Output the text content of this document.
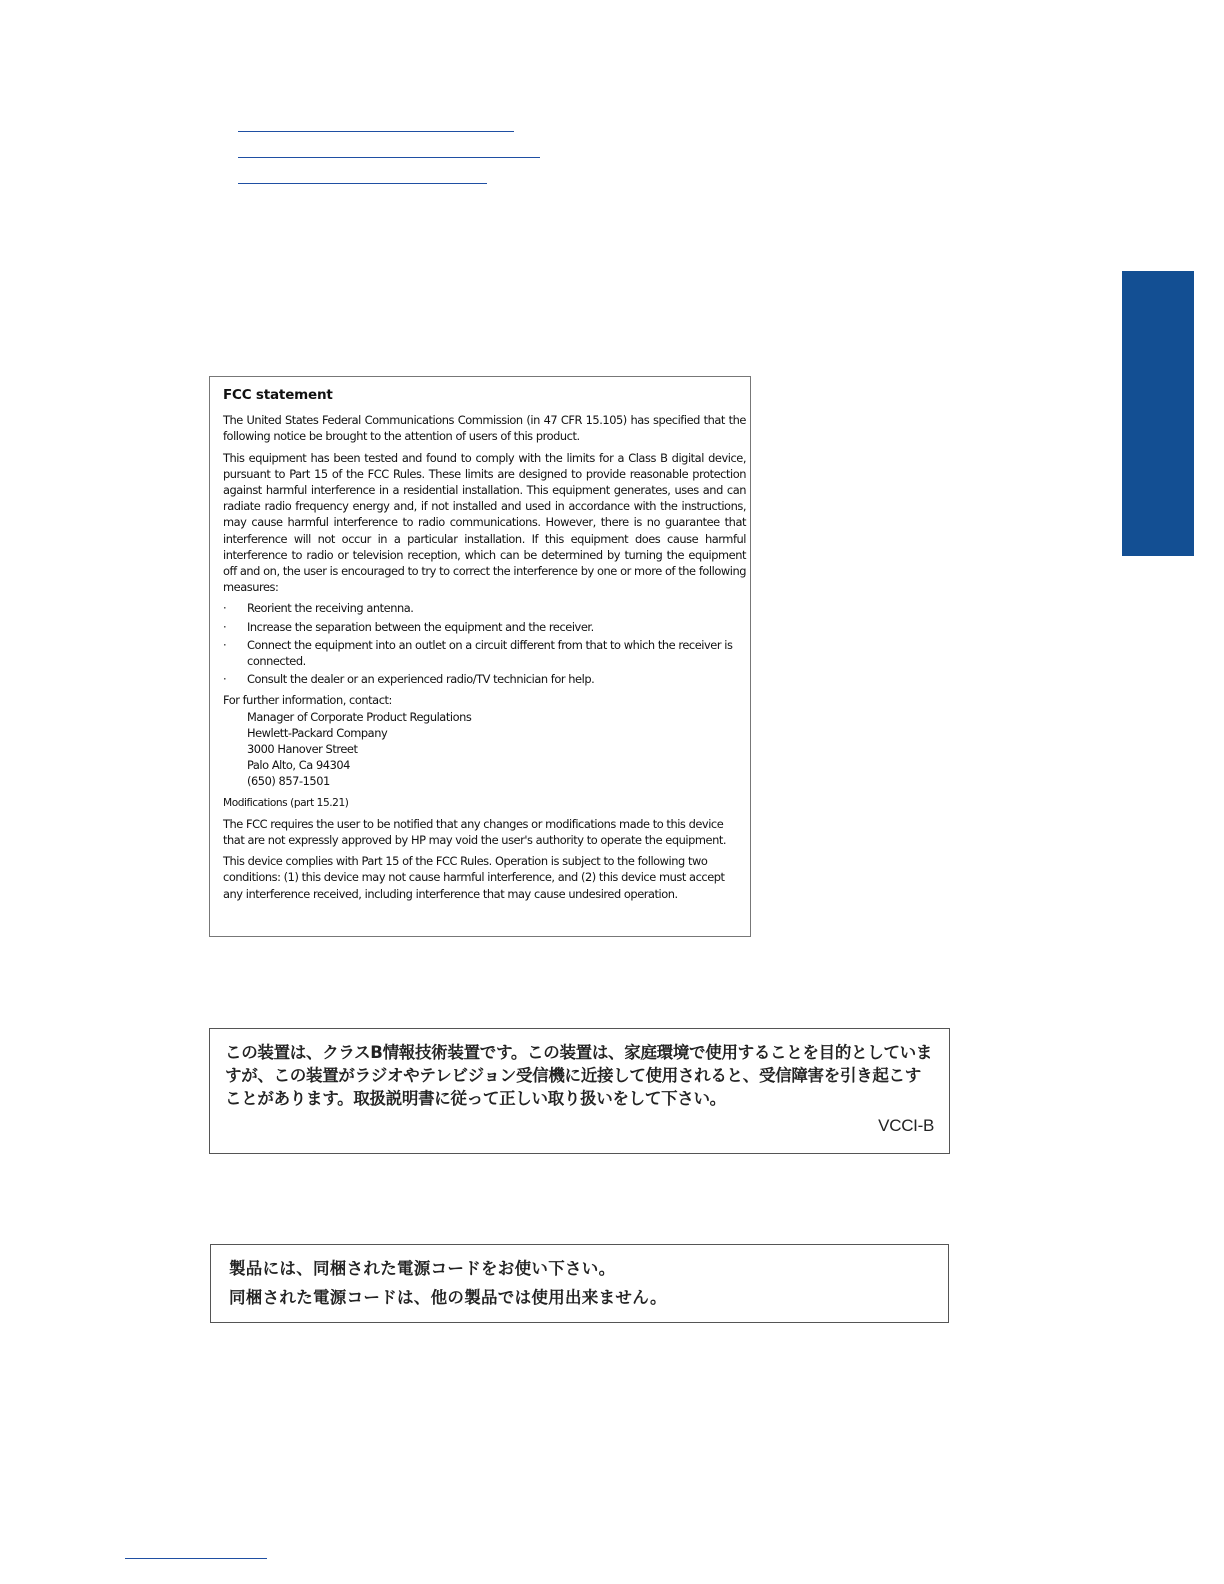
FCC statement

The United States Federal Communications Commission (in 47 CFR 15.105) has specified that the following notice be brought to the attention of users of this product.

This equipment has been tested and found to comply with the limits for a Class B digital device, pursuant to Part 15 of the FCC Rules. These limits are designed to provide reasonable protection against harmful interference in a residential installation. This equipment generates, uses and can radiate radio frequency energy and, if not installed and used in accordance with the instructions, may cause harmful interference to radio communications. However, there is no guarantee that interference will not occur in a particular installation. If this equipment does cause harmful interference to radio or television reception, which can be determined by turning the equipment off and on, the user is encouraged to try to correct the interference by one or more of the following measures:

· Reorient the receiving antenna.
· Increase the separation between the equipment and the receiver.
· Connect the equipment into an outlet on a circuit different from that to which the receiver is connected.
· Consult the dealer or an experienced radio/TV technician for help.

For further information, contact:

Manager of Corporate Product Regulations

Hewlett-Packard Company

3000 Hanover Street

Palo Alto, Ca 94304

(650) 857-1501

Modifications (part 15.21)

The FCC requires the user to be notified that any changes or modifications made to this device that are not expressly approved by HP may void the user's authority to operate the equipment.

This device complies with Part 15 of the FCC Rules. Operation is subject to the following two conditions: (1) this device may not cause harmful interference, and (2) this device must accept any interference received, including interference that may cause undesired operation.

この装置は、クラスB情報技術装置です。この装置は、家庭環境で使用することを目的としていますが、この装置がラジオやテレビジョン受信機に近接して使用されると、受信障害を引き起こすことがあります。取扱説明書に従って正しい取り扱いをして下さい。
VCCI-B
製品には、同梱された電源コードをお使い下さい。
同梱された電源コードは、他の製品では使用出来ません。
